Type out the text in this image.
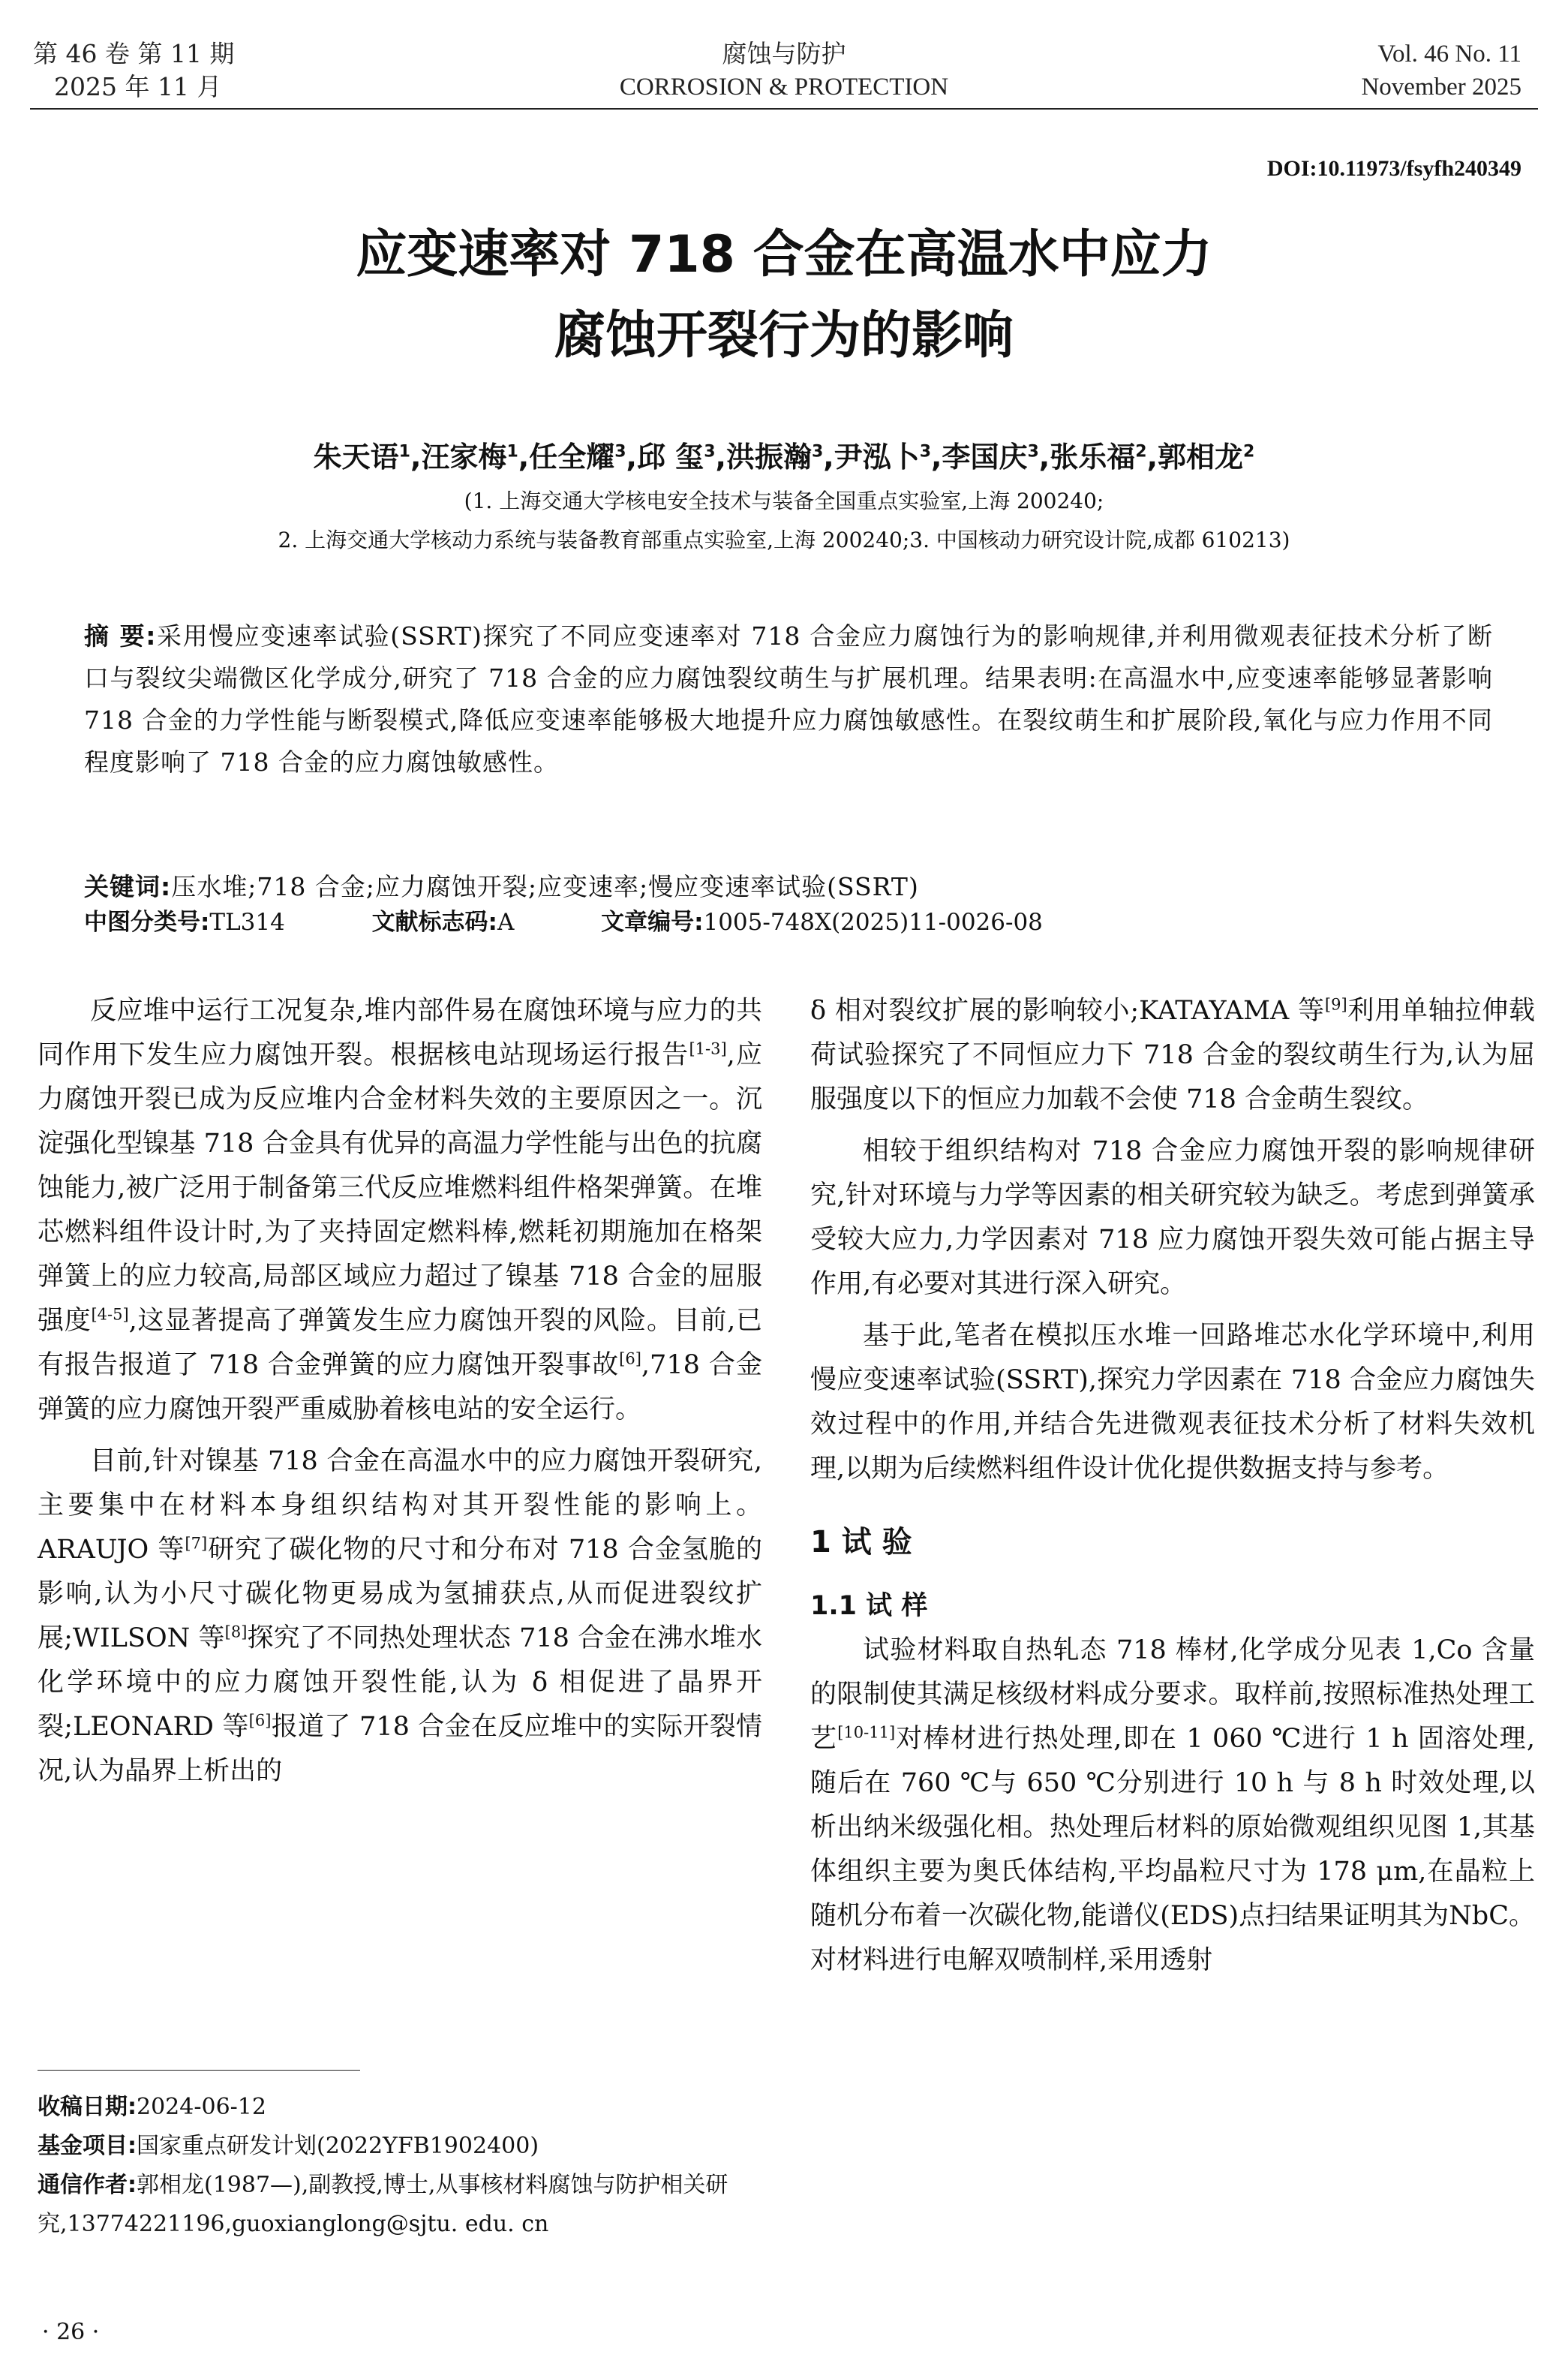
第 46 卷 第 11 期
2025 年 11 月
腐蚀与防护
CORROSION & PROTECTION
Vol. 46 No. 11
November 2025
DOI:10.11973/fsyfh240349
应变速率对 718 合金在高温水中应力
腐蚀开裂行为的影响
朱天语$^1$,汪家梅$^1$,任全耀$^3$,邱 玺$^3$,洪振瀚$^3$,尹泓卜$^3$,李国庆$^3$,张乐福$^2$,郭相龙$^2$
(1. 上海交通大学核电安全技术与装备全国重点实验室,上海 200240;
2. 上海交通大学核动力系统与装备教育部重点实验室,上海 200240;3. 中国核动力研究设计院,成都 610213)
摘 要:采用慢应变速率试验(SSRT)探究了不同应变速率对 718 合金应力腐蚀行为的影响规律,并利用微观表征技术分析了断口与裂纹尖端微区化学成分,研究了 718 合金的应力腐蚀裂纹萌生与扩展机理。结果表明:在高温水中,应变速率能够显著影响 718 合金的力学性能与断裂模式,降低应变速率能够极大地提升应力腐蚀敏感性。在裂纹萌生和扩展阶段,氧化与应力作用不同程度影响了 718 合金的应力腐蚀敏感性。
关键词:压水堆;718 合金;应力腐蚀开裂;应变速率;慢应变速率试验(SSRT)
中图分类号:TL314	文献标志码:A	文章编号:1005-748X(2025)11-0026-08

反应堆中运行工况复杂,堆内部件易在腐蚀环境与应力的共同作用下发生应力腐蚀开裂。根据核电站现场运行报告[1-3],应力腐蚀开裂已成为反应堆内合金材料失效的主要原因之一。沉淀强化型镍基 718 合金具有优异的高温力学性能与出色的抗腐蚀能力,被广泛用于制备第三代反应堆燃料组件格架弹簧。在堆芯燃料组件设计时,为了夹持固定燃料棒,燃耗初期施加在格架弹簧上的应力较高,局部区域应力超过了镍基 718 合金的屈服强度[4-5],这显著提高了弹簧发生应力腐蚀开裂的风险。目前,已有报告报道了 718 合金弹簧的应力腐蚀开裂事故[6],718 合金弹簧的应力腐蚀开裂严重威胁着核电站的安全运行。

目前,针对镍基 718 合金在高温水中的应力腐蚀开裂研究,主要集中在材料本身组织结构对其开裂性能的影响上。ARAUJO 等[7]研究了碳化物的尺寸和分布对 718 合金氢脆的影响,认为小尺寸碳化物更易成为氢捕获点,从而促进裂纹扩展;WILSON 等[8]探究了不同热处理状态 718 合金在沸水堆水化学环境中的应力腐蚀开裂性能,认为 δ 相促进了晶界开裂;LEONARD 等[6]报道了 718 合金在反应堆中的实际开裂情况,认为晶界上析出的

收稿日期:2024-06-12
基金项目:国家重点研发计划(2022YFB1902400)
通信作者:郭相龙(1987—),副教授,博士,从事核材料腐蚀与防护相关研究,13774221196,guoxianglong@sjtu. edu. cn
· 26 ·

δ 相对裂纹扩展的影响较小;KATAYAMA 等[9]利用单轴拉伸载荷试验探究了不同恒应力下 718 合金的裂纹萌生行为,认为屈服强度以下的恒应力加载不会使 718 合金萌生裂纹。

相较于组织结构对 718 合金应力腐蚀开裂的影响规律研究,针对环境与力学等因素的相关研究较为缺乏。考虑到弹簧承受较大应力,力学因素对 718 应力腐蚀开裂失效可能占据主导作用,有必要对其进行深入研究。

基于此,笔者在模拟压水堆一回路堆芯水化学环境中,利用慢应变速率试验(SSRT),探究力学因素在 718 合金应力腐蚀失效过程中的作用,并结合先进微观表征技术分析了材料失效机理,以期为后续燃料组件设计优化提供数据支持与参考。

1 试 验
1.1 试 样

试验材料取自热轧态 718 棒材,化学成分见表 1,Co 含量的限制使其满足核级材料成分要求。取样前,按照标准热处理工艺[10-11]对棒材进行热处理,即在 1 060 ℃进行 1 h 固溶处理,随后在 760 ℃与 650 ℃分别进行 10 h 与 8 h 时效处理,以析出纳米级强化相。热处理后材料的原始微观组织见图 1,其基体组织主要为奥氏体结构,平均晶粒尺寸为 178 μm,在晶粒上随机分布着一次碳化物,能谱仪(EDS)点扫结果证明其为NbC。对材料进行电解双喷制样,采用透射
